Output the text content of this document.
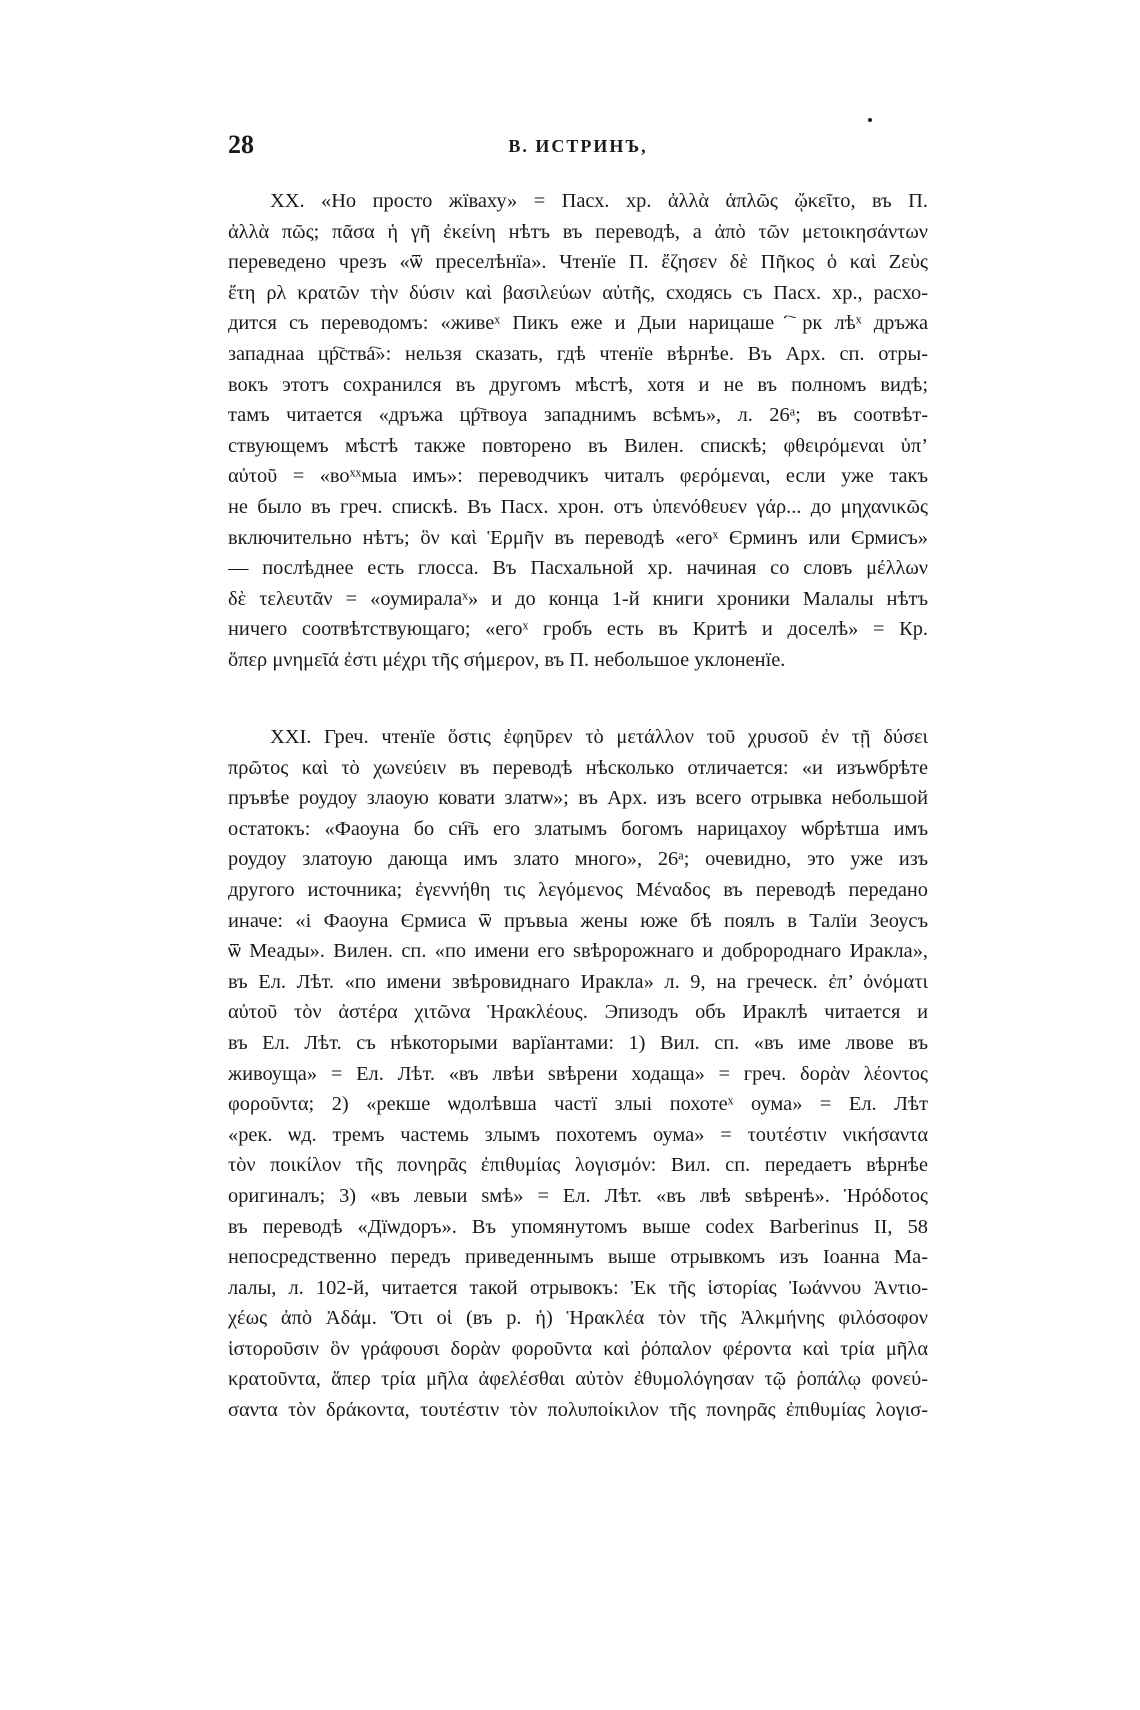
28	В. ИСТРИНЪ,
XX. «Но просто жїваху» = Пасх. хр. ἀλλὰ ἁπλῶς ᾤκεῖτο, въ П.
ἀλλὰ πῶς; πᾶσα ἡ γῆ ἐκείνη нѣтъ въ переводѣ, а ἀπὸ τῶν μετοικησάντων
переведено чрезъ «ѿ преселѣнїа». Чтенїе П. ἔζησεν δὲ Πῆκος ὁ καὶ Ζεὺς
ἔτη ρλ κρατῶν τὴν δύσιν καὶ βασιλεύων αὐτῆς, сходясь съ Пасх. хр., расхо-
дится съ переводомъ: «живеˣ Пикъ еже и Дыи нарицашеⷭ҇ рк лѣˣ дръжа
западнаа цр҇ства҇»: нельзя сказать, гдѣ чтенїе вѣрнѣе. Въ Арх. сп. отры-
вокъ этотъ сохранился въ другомъ мѣстѣ, хотя и не въ полномъ видѣ;
тамъ читается «дръжа цр҇твоуа западнимъ всѣмъ», л. 26ᵃ; въ соотвѣт-
ствующемъ мѣстѣ также повторено въ Вилен. спискѣ; φθειρόμεναι ὑπ’
αὐτοῦ = «воˣˣмыа имъ»: переводчикъ читалъ φερόμεναι, если уже такъ
не было въ греч. спискѣ. Въ Пасх. хрон. отъ ὑπενόθευεν γάρ... до μηχανικῶς
включительно нѣтъ; ὃν καὶ Ἑρμῆν въ переводѣ «егоˣ Єрминъ или Єрмисъ»
— послѣднее есть глосса. Въ Пасхальной хр. начиная со словъ μέλλων
δὲ τελευτᾶν = «оумиралаˣ» и до конца 1-й книги хроники Малалы нѣтъ
ничего соотвѣтствующаго; «егоˣ гробъ есть въ Критѣ и доселѣ» = Кр.
ὅπερ μνημεῖά ἐστι μέχρι τῆς σήμερον, въ П. небольшое уклоненїе.
XXI. Греч. чтенїе ὅστις ἐφηῦρεν τὸ μετάλλον τοῦ χρυσοῦ ἐν τῇ δύσει
πρῶτος καὶ τὸ χωνεύειν въ переводѣ нѣсколько отличается: «и изъѡбрѣте
пръвѣе роудоу злаоую ковати златѡ»; въ Арх. изъ всего отрывка небольшой
остатокъ: «Фаоуна бо сн҇ъ его златымъ богомъ нарицахоу ѡбрѣтша имъ
роудоу златоую дающа имъ злато много», 26ᵃ; очевидно, это уже изъ
другого источника; ἐγεννήθη τις λεγόμενος Μέναδος въ переводѣ передано
иначе: «і Фаоуна Єрмиса ѿ пръвыа жены юже бѣ поялъ в Талїи Зеоусъ
ѿ Меады». Вилен. сп. «по имени его ѕвѣророжнаго и добророднаго Иракла»,
въ Ел. Лѣт. «по имени звѣровиднаго Иракла» л. 9, на греческ. ἐπ’ ὀνόματι
αὐτοῦ τὸν ἀστέρα χιτῶνα Ἡρακλέους. Эпизодъ объ Ираклѣ читается и
въ Ел. Лѣт. съ нѣкоторыми варїантами: 1) Вил. сп. «въ име лвове въ
живоуща» = Ел. Лѣт. «въ лвѣи ѕвѣрени ходаща» = греч. δορὰν λέοντος
φοροῦντα; 2) «рекше ѡдолѣвша частї злыі похотеˣ оума» = Ел. Лѣт
«рек. ѡд. тремъ частемь злымъ похотемъ оума» = τουτέστιν νικήσαντα
τὸν ποικίλον τῆς πονηρᾶς ἐπιθυμίας λογισμόν: Вил. сп. передаетъ вѣрнѣе
оригиналъ; 3) «въ левыи ѕмѣ» = Ел. Лѣт. «въ лвѣ ѕвѣренѣ». Ἡρόδοτος
въ переводѣ «Дїѡдоръ». Въ упомянутомъ выше codex Barberinus II, 58
непосредственно передъ приведеннымъ выше отрывкомъ изъ Іоанна Ма-
лалы, л. 102-й, читается такой отрывокъ: Ἐκ τῆς ἱστορίας Ἰωάννου Ἀντιο-
χέως ἀπὸ Ἀδάμ. Ὅτι οἱ (въ р. ἡ) Ἡρακλέα τὸν τῆς Ἀλκμήνης φιλόσοφον
ἱστοροῦσιν ὃν γράφουσι δορὰν φοροῦντα καὶ ῥόπαλον φέροντα καὶ τρία μῆλα
κρατοῦντα, ἅπερ τρία μῆλα ἀφελέσθαι αὐτὸν ἐθυμολόγησαν τῷ ῥοπάλῳ φονεύ-
σαντα τὸν δράκοντα, τουτέστιν τὸν πολυποίκιλον τῆς πονηρᾶς ἐπιθυμίας λογισ-
